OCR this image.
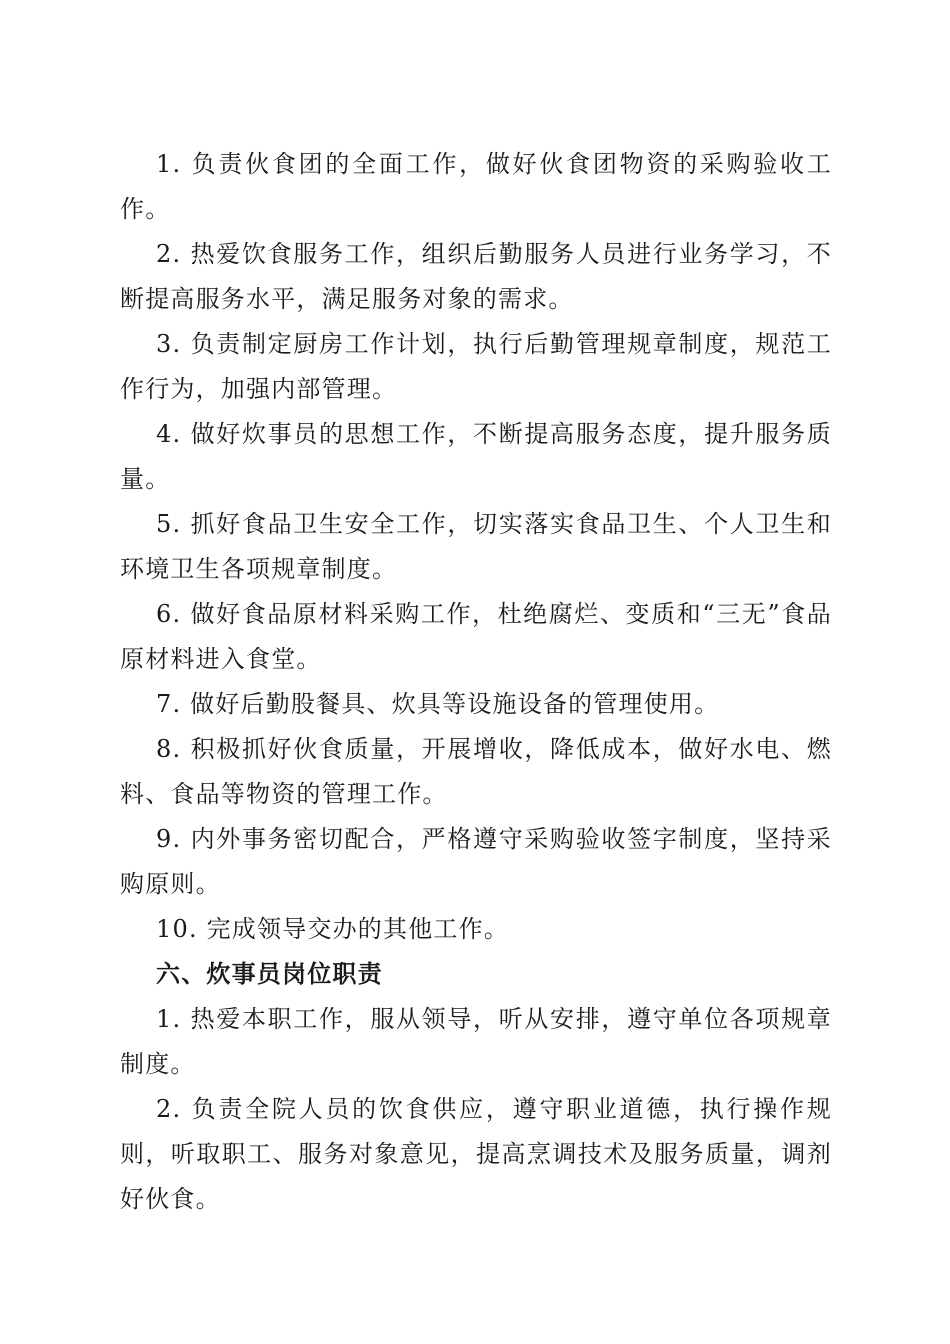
1. 负责伙食团的全面工作，做好伙食团物资的采购验收工作。

2. 热爱饮食服务工作，组织后勤服务人员进行业务学习，不断提高服务水平，满足服务对象的需求。

3. 负责制定厨房工作计划，执行后勤管理规章制度，规范工作行为，加强内部管理。

4. 做好炊事员的思想工作，不断提高服务态度，提升服务质量。

5. 抓好食品卫生安全工作，切实落实食品卫生、个人卫生和环境卫生各项规章制度。

6. 做好食品原材料采购工作，杜绝腐烂、变质和“三无”食品原材料进入食堂。

7. 做好后勤股餐具、炊具等设施设备的管理使用。

8. 积极抓好伙食质量，开展增收，降低成本，做好水电、燃料、食品等物资的管理工作。

9. 内外事务密切配合，严格遵守采购验收签字制度，坚持采购原则。

10. 完成领导交办的其他工作。

六、炊事员岗位职责

1. 热爱本职工作，服从领导，听从安排，遵守单位各项规章制度。

2. 负责全院人员的饮食供应，遵守职业道德，执行操作规则，听取职工、服务对象意见，提高烹调技术及服务质量，调剂好伙食。
